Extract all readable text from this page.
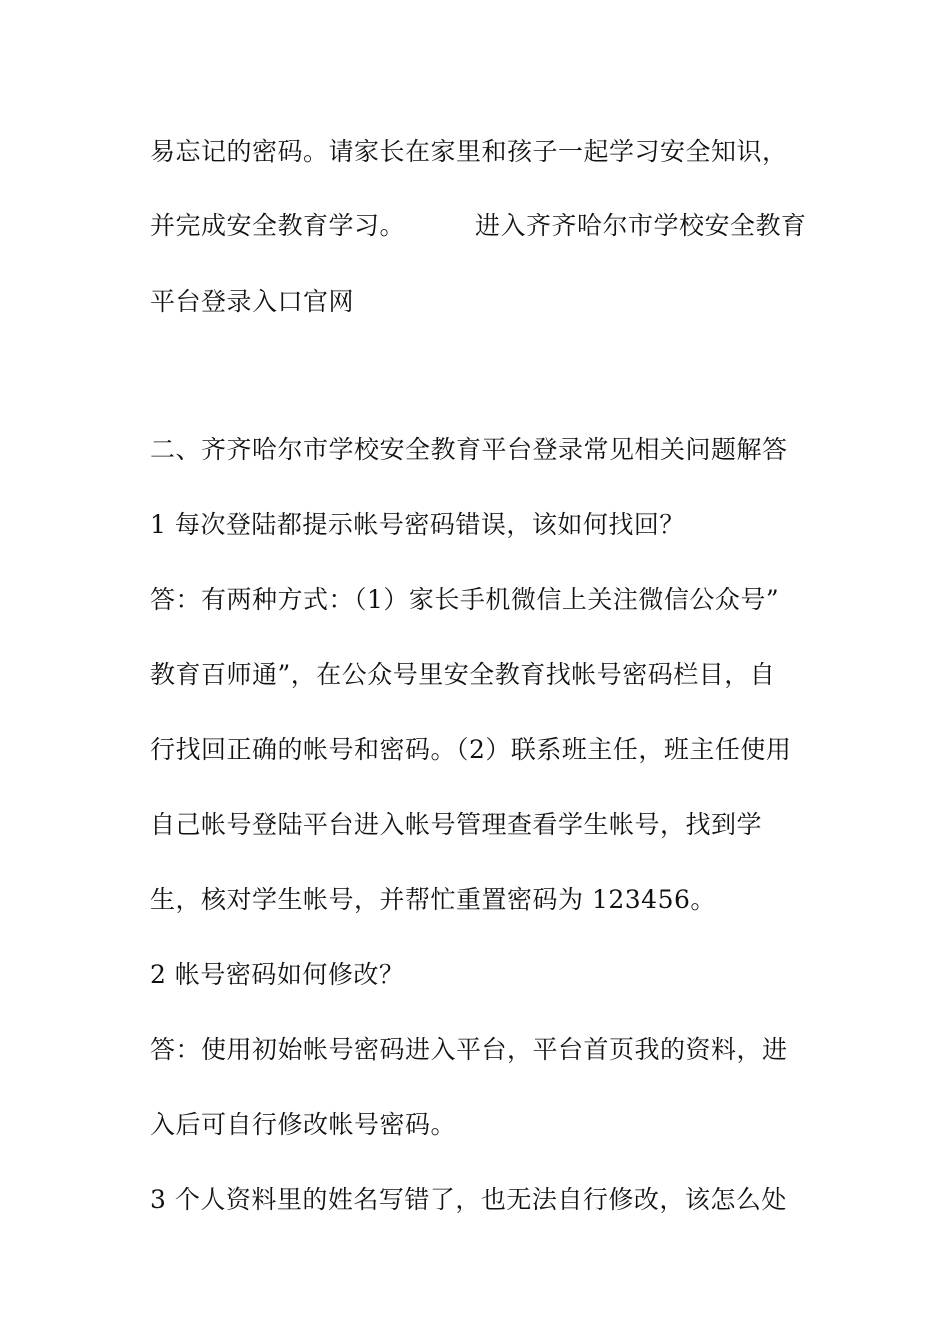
易忘记的密码。请家长在家里和孩子一起学习安全知识，
并完成安全教育学习。	进入齐齐哈尔市学校安全教育
平台登录入口官网
二、齐齐哈尔市学校安全教育平台登录常见相关问题解答
1 每次登陆都提示帐号密码错误，该如何找回？
答：有两种方式：（1）家长手机微信上关注微信公众号”
教育百师通”，在公众号里安全教育找帐号密码栏目，自
行找回正确的帐号和密码。（2）联系班主任，班主任使用
自己帐号登陆平台进入帐号管理查看学生帐号，找到学
生，核对学生帐号，并帮忙重置密码为 123456。
2 帐号密码如何修改？
答：使用初始帐号密码进入平台，平台首页我的资料，进
入后可自行修改帐号密码。
3 个人资料里的姓名写错了，也无法自行修改，该怎么处
